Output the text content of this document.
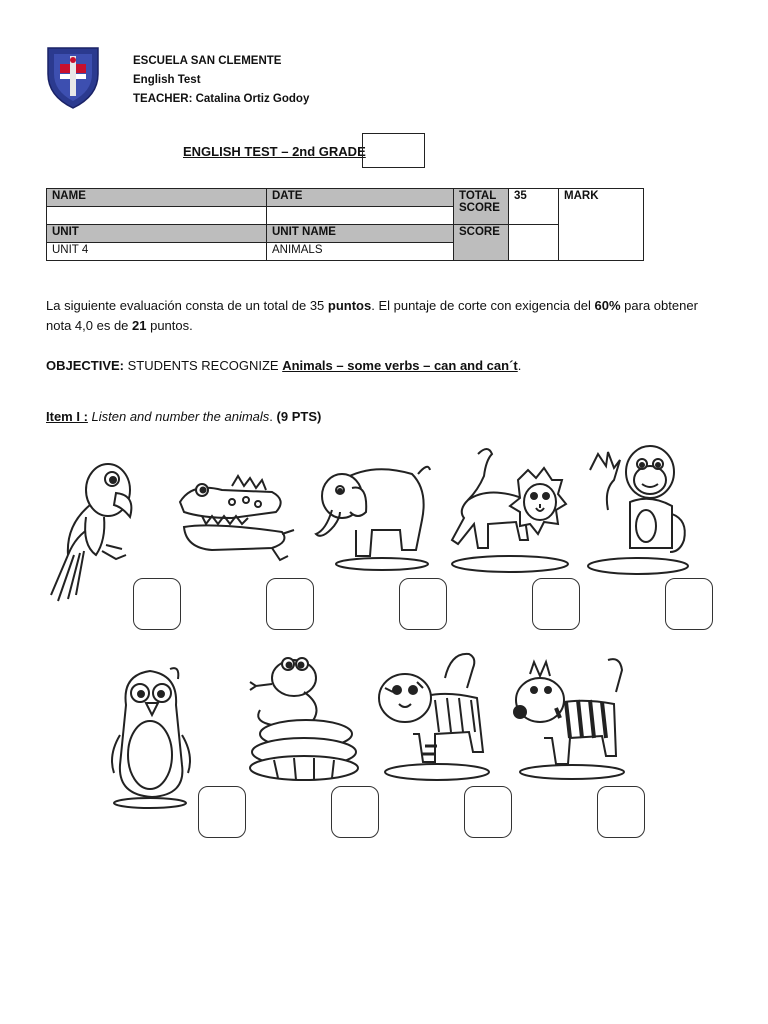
ESCUELA SAN CLEMENTE
English Test
TEACHER: Catalina Ortiz Godoy
ENGLISH TEST – 2nd GRADE
NAME	DATE	TOTAL SCORE	35	MARK

UNIT	UNIT NAME	SCORE		
UNIT 4	ANIMALS			
La siguiente evaluación consta de un total de 35 puntos. El puntaje de corte con exigencia del 60% para obtener nota 4,0 es de 21 puntos.
OBJECTIVE: STUDENTS RECOGNIZE Animals – some verbs – can and can´t.
Item I : Listen and number the animals. (9 PTS)
